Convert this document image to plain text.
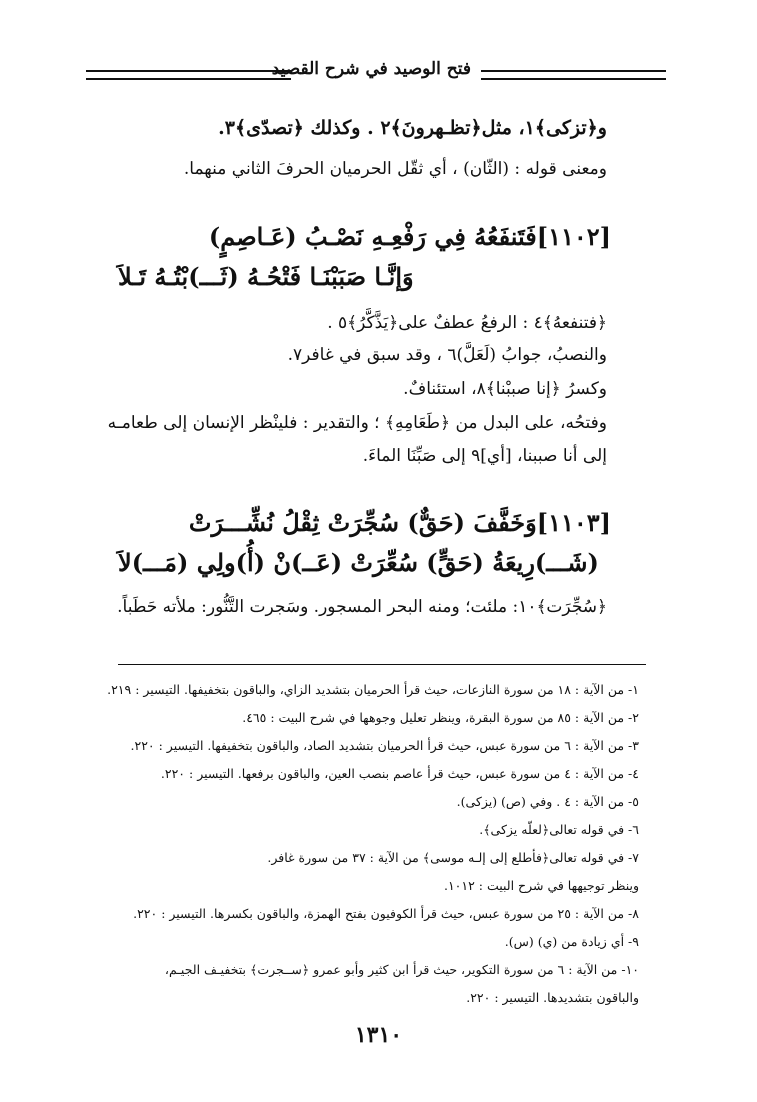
فتح الوصيد في شرح القصيد
و﴿تزكى﴾١، مثل﴿تظـهرونَ﴾٢ . وكذلك ﴿تصدّى﴾٣.
ومعنى قوله : (الثّان) ، أي ثقّل الحرميان الحرفَ الثاني منهما.
[١١٠٢]فَتَنفَعُهُ فِي رَفْعِـهِ نَصْـبُ (عَـاصِمٍ)
وَإنَّـا صَبَبْنَـا فَتْحُـهُ (ثَـــ)بْتُـهُ تَـلاَ
﴿فتنفعهُ﴾٤ : الرفعُ عطفٌ على﴿يَذَّكَّرُ﴾٥ .
والنصبُ، جوابُ (لَعَلَّ)٦ ، وقد سبق في غافر٧.
وكسرُ ﴿إنا صببْنا﴾٨، استئنافٌ.
وفتحُه، على البدل من ﴿طَعَامِهِ﴾ ؛ والتقدير : فلينْظر الإنسان إلى طعامـه
إلى أنا صببنا، [أي]٩ إلى صَبِّنَا الماءَ.
[١١٠٣]وَخَفَّفَ (حَقٌّ) سُجِّرَتْ ثِقْلُ نُشِّـــرَتْ
(شَـــ)رِيعَةُ (حَقٍّ) سُعِّرَتْ (عَــ)نْ (أُ)ولِي (مَـــ)لاَ
﴿سُجِّرَت﴾١٠: ملئت؛ ومنه البحر المسجور. وسَجرت التَّنُّور: ملأته حَطَباً.
١- من الآية : ١٨ من سورة النازعات، حيث قرأ الحرميان بتشديد الزاي، والباقون بتخفيفها. التيسير : ٢١٩.
٢- من الآية : ٨٥ من سورة البقرة، وينظر تعليل وجوهها في شرح البيت : ٤٦٥.
٣- من الآية : ٦ من سورة عبس، حيث قرأ الحرميان بتشديد الصاد، والباقون بتخفيفها. التيسير : ٢٢٠.
٤- من الآية : ٤ من سورة عبس، حيث قرأ عاصم بنصب العين، والباقون برفعها. التيسير : ٢٢٠.
٥- من الآية : ٤ . وفي (ص) (يزكى).
٦- في قوله تعالى﴿لعلّه يزكى﴾.
٧- في قوله تعالى﴿فأطلع إلى إلـه موسى﴾ من الآية : ٣٧ من سورة غافر.
وينظر توجيهها في شرح البيت : ١٠١٢.
٨- من الآية : ٢٥ من سورة عبس، حيث قرأ الكوفيون بفتح الهمزة، والباقون بكسرها. التيسير : ٢٢٠.
٩- أي زيادة من (ي) (س).
١٠- من الآية : ٦ من سورة التكوير، حيث قرأ ابن كثير وأبو عمرو ﴿ســجرت﴾ بتخفيـف الجيـم،
والباقون بتشديدها. التيسير : ٢٢٠.
١٣١٠
